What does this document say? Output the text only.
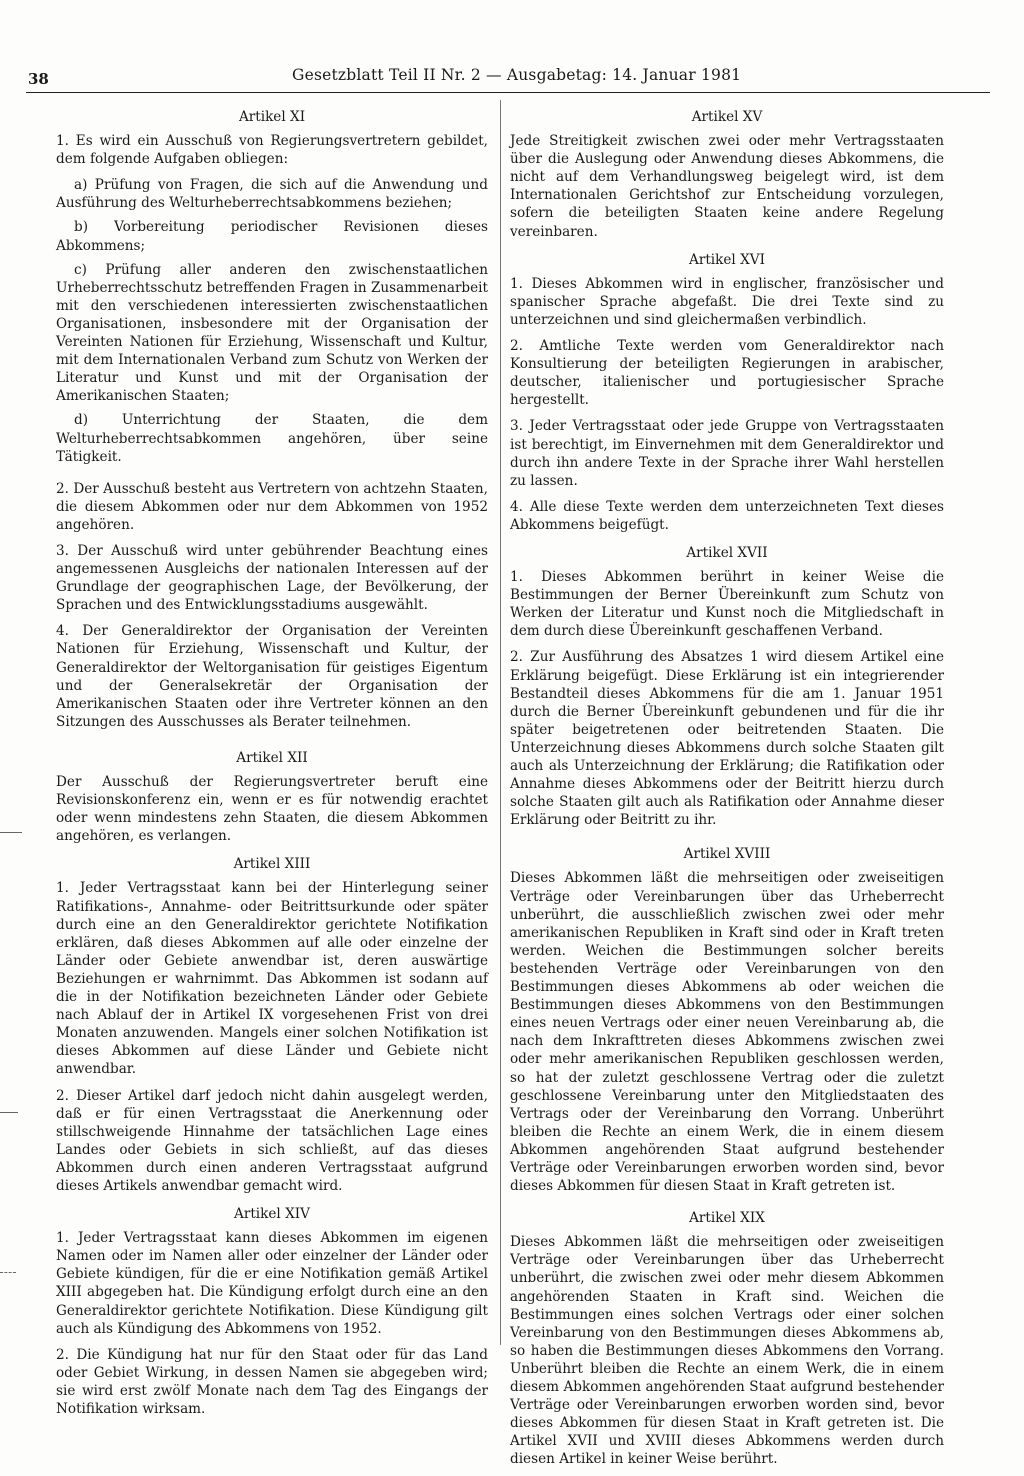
38	Gesetzblatt Teil II Nr. 2 — Ausgabetag: 14. Januar 1981
Artikel XI

1. Es wird ein Ausschuß von Regierungsvertretern gebildet, dem folgende Aufgaben obliegen:

a) Prüfung von Fragen, die sich auf die Anwendung und Ausführung des Welturheberrechtsabkommens beziehen;

b) Vorbereitung periodischer Revisionen dieses Abkommens;

c) Prüfung aller anderen den zwischenstaatlichen Urheberrechtsschutz betreffenden Fragen in Zusammenarbeit mit den verschiedenen interessierten zwischenstaatlichen Organisationen, insbesondere mit der Organisation der Vereinten Nationen für Erziehung, Wissenschaft und Kultur, mit dem Internationalen Verband zum Schutz von Werken der Literatur und Kunst und mit der Organisation der Amerikanischen Staaten;

d) Unterrichtung der Staaten, die dem Welturheberrechtsabkommen angehören, über seine Tätigkeit.

2. Der Ausschuß besteht aus Vertretern von achtzehn Staaten, die diesem Abkommen oder nur dem Abkommen von 1952 angehören.

3. Der Ausschuß wird unter gebührender Beachtung eines angemessenen Ausgleichs der nationalen Interessen auf der Grundlage der geographischen Lage, der Bevölkerung, der Sprachen und des Entwicklungsstadiums ausgewählt.

4. Der Generaldirektor der Organisation der Vereinten Nationen für Erziehung, Wissenschaft und Kultur, der Generaldirektor der Weltorganisation für geistiges Eigentum und der Generalsekretär der Organisation der Amerikanischen Staaten oder ihre Vertreter können an den Sitzungen des Ausschusses als Berater teilnehmen.

Artikel XII

Der Ausschuß der Regierungsvertreter beruft eine Revisionskonferenz ein, wenn er es für notwendig erachtet oder wenn mindestens zehn Staaten, die diesem Abkommen angehören, es verlangen.

Artikel XIII

1. Jeder Vertragsstaat kann bei der Hinterlegung seiner Ratifikations-, Annahme- oder Beitrittsurkunde oder später durch eine an den Generaldirektor gerichtete Notifikation erklären, daß dieses Abkommen auf alle oder einzelne der Länder oder Gebiete anwendbar ist, deren auswärtige Beziehungen er wahrnimmt. Das Abkommen ist sodann auf die in der Notifikation bezeichneten Länder oder Gebiete nach Ablauf der in Artikel IX vorgesehenen Frist von drei Monaten anzuwenden. Mangels einer solchen Notifikation ist dieses Abkommen auf diese Länder und Gebiete nicht anwendbar.

2. Dieser Artikel darf jedoch nicht dahin ausgelegt werden, daß er für einen Vertragsstaat die Anerkennung oder stillschweigende Hinnahme der tatsächlichen Lage eines Landes oder Gebiets in sich schließt, auf das dieses Abkommen durch einen anderen Vertragsstaat aufgrund dieses Artikels anwendbar gemacht wird.

Artikel XIV

1. Jeder Vertragsstaat kann dieses Abkommen im eigenen Namen oder im Namen aller oder einzelner der Länder oder Gebiete kündigen, für die er eine Notifikation gemäß Artikel XIII abgegeben hat. Die Kündigung erfolgt durch eine an den Generaldirektor gerichtete Notifikation. Diese Kündigung gilt auch als Kündigung des Abkommens von 1952.

2. Die Kündigung hat nur für den Staat oder für das Land oder Gebiet Wirkung, in dessen Namen sie abgegeben wird; sie wird erst zwölf Monate nach dem Tag des Eingangs der Notifikation wirksam.

Artikel XV

Jede Streitigkeit zwischen zwei oder mehr Vertragsstaaten über die Auslegung oder Anwendung dieses Abkommens, die nicht auf dem Verhandlungsweg beigelegt wird, ist dem Internationalen Gerichtshof zur Entscheidung vorzulegen, sofern die beteiligten Staaten keine andere Regelung vereinbaren.

Artikel XVI

1. Dieses Abkommen wird in englischer, französischer und spanischer Sprache abgefaßt. Die drei Texte sind zu unterzeichnen und sind gleichermaßen verbindlich.

2. Amtliche Texte werden vom Generaldirektor nach Konsultierung der beteiligten Regierungen in arabischer, deutscher, italienischer und portugiesischer Sprache hergestellt.

3. Jeder Vertragsstaat oder jede Gruppe von Vertragsstaaten ist berechtigt, im Einvernehmen mit dem Generaldirektor und durch ihn andere Texte in der Sprache ihrer Wahl herstellen zu lassen.

4. Alle diese Texte werden dem unterzeichneten Text dieses Abkommens beigefügt.

Artikel XVII

1. Dieses Abkommen berührt in keiner Weise die Bestimmungen der Berner Übereinkunft zum Schutz von Werken der Literatur und Kunst noch die Mitgliedschaft in dem durch diese Übereinkunft geschaffenen Verband.

2. Zur Ausführung des Absatzes 1 wird diesem Artikel eine Erklärung beigefügt. Diese Erklärung ist ein integrierender Bestandteil dieses Abkommens für die am 1. Januar 1951 durch die Berner Übereinkunft gebundenen und für die ihr später beigetretenen oder beitretenden Staaten. Die Unterzeichnung dieses Abkommens durch solche Staaten gilt auch als Unterzeichnung der Erklärung; die Ratifikation oder Annahme dieses Abkommens oder der Beitritt hierzu durch solche Staaten gilt auch als Ratifikation oder Annahme dieser Erklärung oder Beitritt zu ihr.

Artikel XVIII

Dieses Abkommen läßt die mehrseitigen oder zweiseitigen Verträge oder Vereinbarungen über das Urheberrecht unberührt, die ausschließlich zwischen zwei oder mehr amerikanischen Republiken in Kraft sind oder in Kraft treten werden. Weichen die Bestimmungen solcher bereits bestehenden Verträge oder Vereinbarungen von den Bestimmungen dieses Abkommens ab oder weichen die Bestimmungen dieses Abkommens von den Bestimmungen eines neuen Vertrags oder einer neuen Vereinbarung ab, die nach dem Inkrafttreten dieses Abkommens zwischen zwei oder mehr amerikanischen Republiken geschlossen werden, so hat der zuletzt geschlossene Vertrag oder die zuletzt geschlossene Vereinbarung unter den Mitgliedstaaten des Vertrags oder der Vereinbarung den Vorrang. Unberührt bleiben die Rechte an einem Werk, die in einem diesem Abkommen angehörenden Staat aufgrund bestehender Verträge oder Vereinbarungen erworben worden sind, bevor dieses Abkommen für diesen Staat in Kraft getreten ist.

Artikel XIX

Dieses Abkommen läßt die mehrseitigen oder zweiseitigen Verträge oder Vereinbarungen über das Urheberrecht unberührt, die zwischen zwei oder mehr diesem Abkommen angehörenden Staaten in Kraft sind. Weichen die Bestimmungen eines solchen Vertrags oder einer solchen Vereinbarung von den Bestimmungen dieses Abkommens ab, so haben die Bestimmungen dieses Abkommens den Vorrang. Unberührt bleiben die Rechte an einem Werk, die in einem diesem Abkommen angehörenden Staat aufgrund bestehender Verträge oder Vereinbarungen erworben worden sind, bevor dieses Abkommen für diesen Staat in Kraft getreten ist. Die Artikel XVII und XVIII dieses Abkommens werden durch diesen Artikel in keiner Weise berührt.
